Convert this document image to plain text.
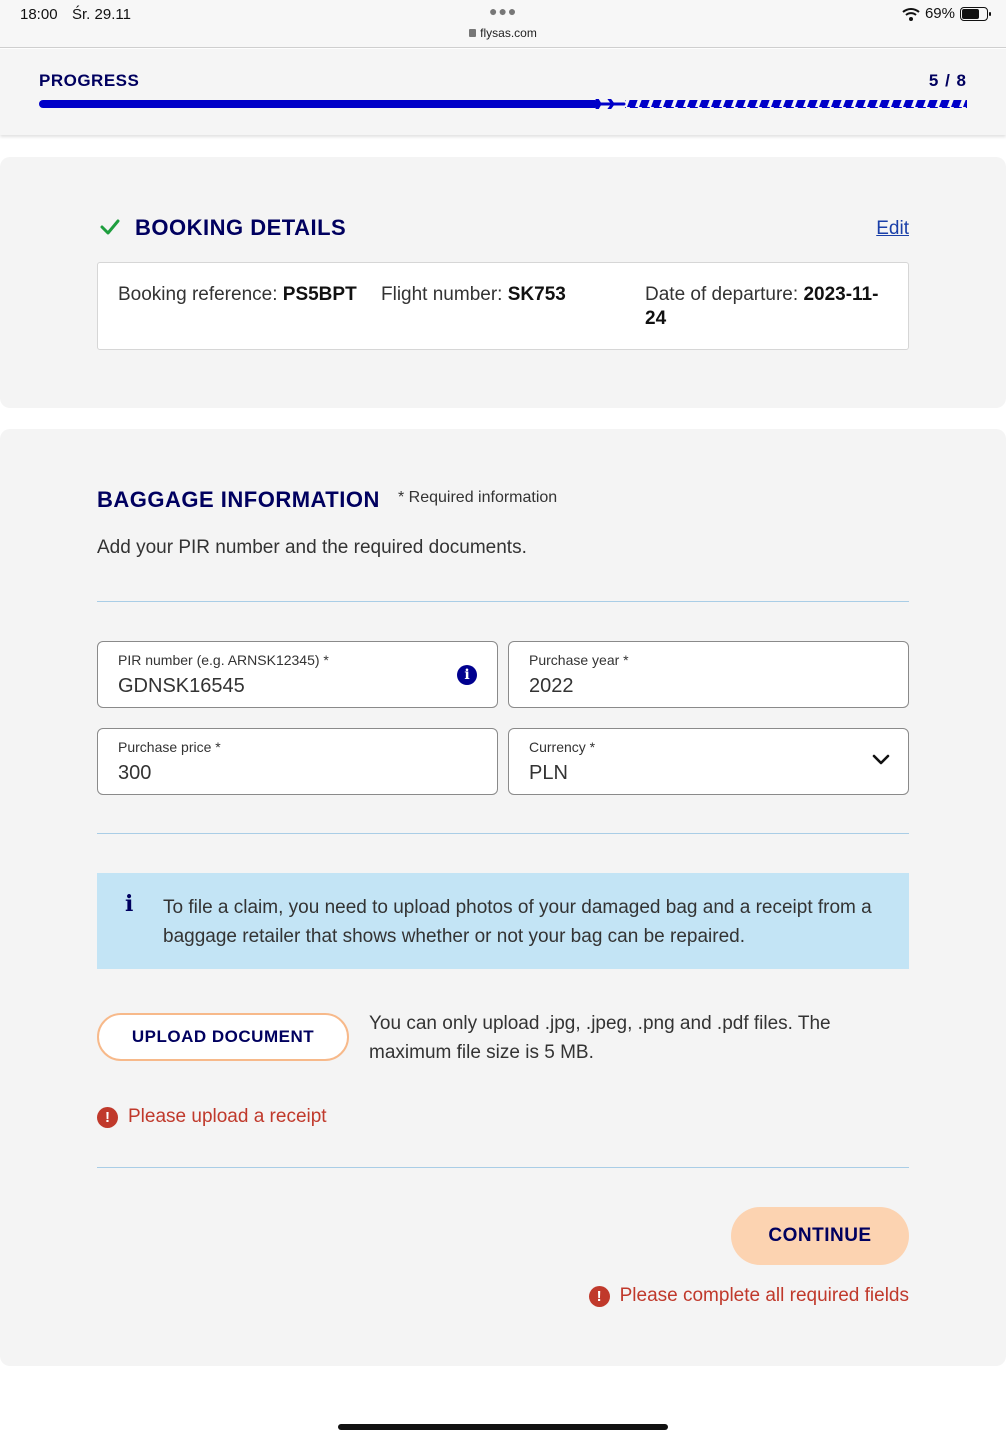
18:00 Śr. 29.11	●●●
flysas.com
69%
PROGRESS	5 / 8
BOOKING DETAILS	Edit
Booking reference: PS5BPT Flight number: SK753	Date of departure: 2023-11-24
BAGGAGE INFORMATION * Required information
Add your PIR number and the required documents.
PIR number (e.g. ARNSK12345) *
GDNSK16545	i
Purchase year *
2022
Purchase price *
300
Currency *
PLN
i To file a claim, you need to upload photos of your damaged bag and a receipt from a baggage retailer that shows whether or not your bag can be repaired.
UPLOAD DOCUMENT
You can only upload .jpg, .jpeg, .png and .pdf files. The maximum file size is 5 MB.
! Please upload a receipt
CONTINUE
! Please complete all required fields
